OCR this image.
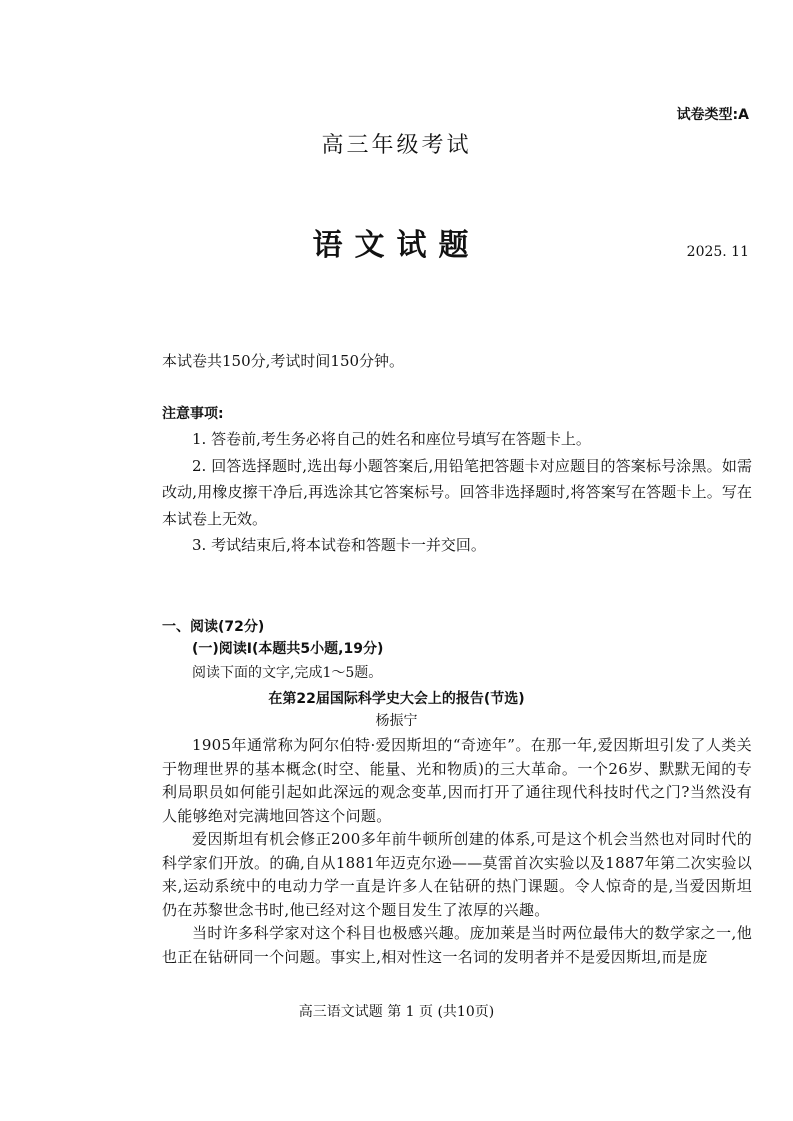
试卷类型:A
高三年级考试
语文试题	2025. 11
本试卷共150分,考试时间150分钟。
注意事项:

1. 答卷前,考生务必将自己的姓名和座位号填写在答题卡上。

2. 回答选择题时,选出每小题答案后,用铅笔把答题卡对应题目的答案标号涂黑。如需改动,用橡皮擦干净后,再选涂其它答案标号。回答非选择题时,将答案写在答题卡上。写在本试卷上无效。

3. 考试结束后,将本试卷和答题卡一并交回。

一、阅读(72分)
(一)阅读Ⅰ(本题共5小题,19分)
阅读下面的文字,完成1～5题。
在第22届国际科学史大会上的报告(节选)
杨振宁

1905年通常称为阿尔伯特·爱因斯坦的“奇迹年”。在那一年,爱因斯坦引发了人类关于物理世界的基本概念(时空、能量、光和物质)的三大革命。一个26岁、默默无闻的专利局职员如何能引起如此深远的观念变革,因而打开了通往现代科技时代之门?当然没有人能够绝对完满地回答这个问题。

爱因斯坦有机会修正200多年前牛顿所创建的体系,可是这个机会当然也对同时代的科学家们开放。的确,自从1881年迈克尔逊——莫雷首次实验以及1887年第二次实验以来,运动系统中的电动力学一直是许多人在钻研的热门课题。令人惊奇的是,当爱因斯坦仍在苏黎世念书时,他已经对这个题目发生了浓厚的兴趣。

当时许多科学家对这个科目也极感兴趣。庞加莱是当时两位最伟大的数学家之一,他也正在钻研同一个问题。事实上,相对性这一名词的发明者并不是爱因斯坦,而是庞

高三语文试题 第 1 页 (共10页)
